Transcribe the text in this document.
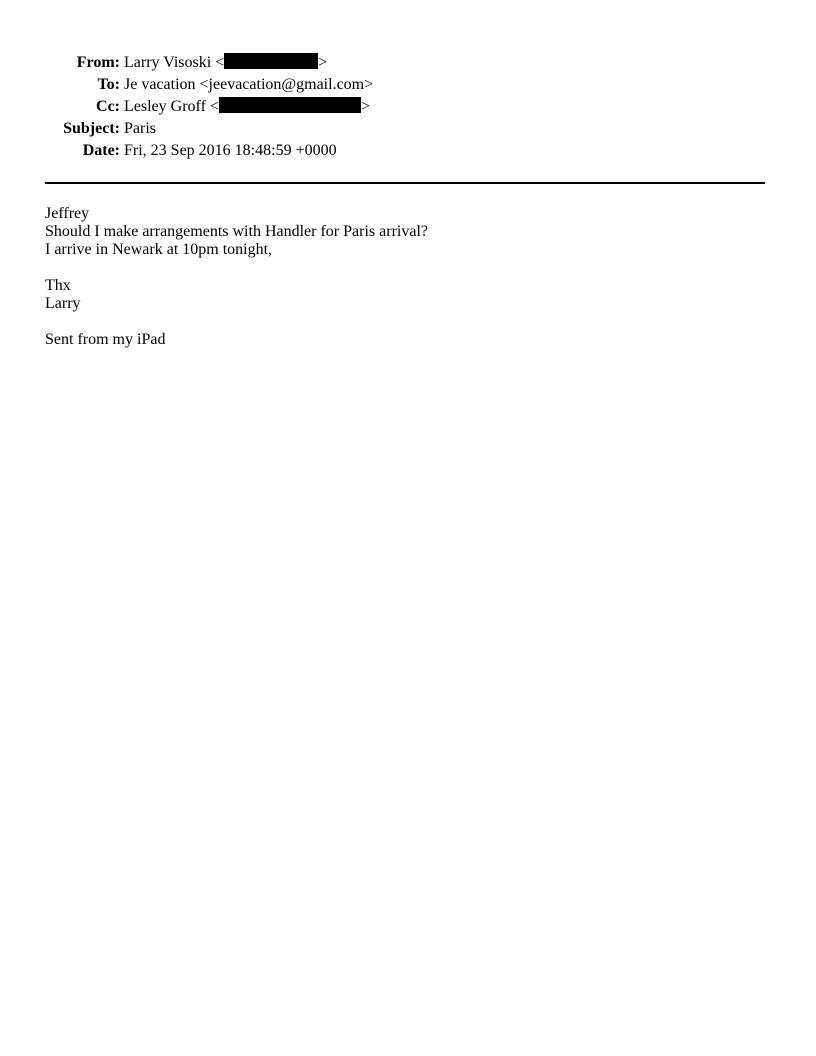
From: Larry Visoski <	>
To: Je vacation <jeevacation@gmail.com>
Cc: Lesley Groff <	>
Subject: Paris
Date: Fri, 23 Sep 2016 18:48:59 +0000
Jeffrey
Should I make arrangements with Handler for Paris arrival?
I arrive in Newark at 10pm tonight,
Thx
Larry
Sent from my iPad
